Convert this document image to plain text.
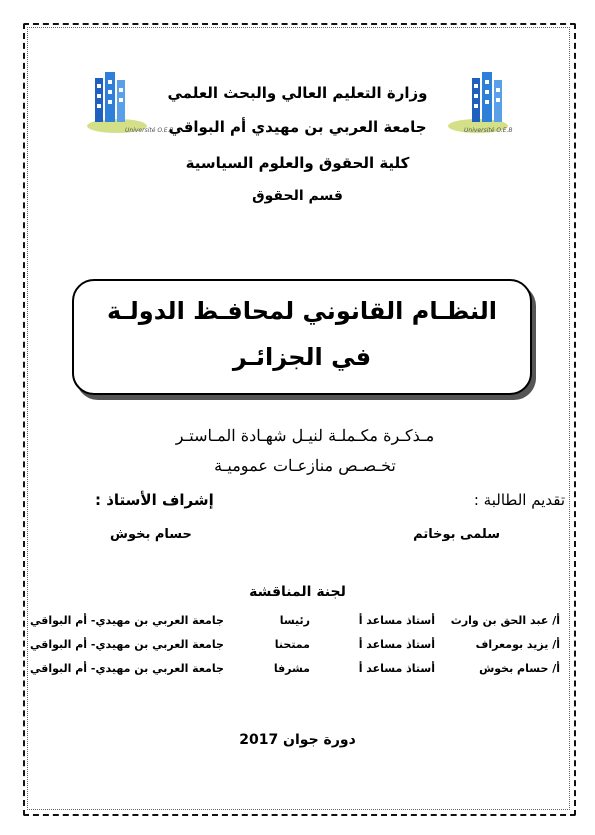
Université O.E.B	Université O.E.B
وزارة التعليم العالي والبحث العلمي
جامعة العربي بن مهيدي أم البواقي
كلية الحقوق والعلوم السياسية
قسم الحقوق
النظـام القانوني لمحافـظ الدولـة
في الجزائـر
مـذكـرة مكـملـة لنيـل شهـادة المـاستـر
تخـصـص منازعـات عموميـة
تقديم الطالبة :
إشراف الأستاذ :
سلمى بوخاتم
حسام بخوش
لجنة المناقشة
أ/ عبد الحق بن وارث
أستاذ مساعد أ
رئيسا
جامعة العربي بن مهيدي- أم البواقي
أ/ يزيد بومعراف
أستاذ مساعد أ
ممتحنا
جامعة العربي بن مهيدي- أم البواقي
أ/ حسام بخوش
أستاذ مساعد أ
مشرفا
جامعة العربي بن مهيدي- أم البواقي
دورة جوان 2017
